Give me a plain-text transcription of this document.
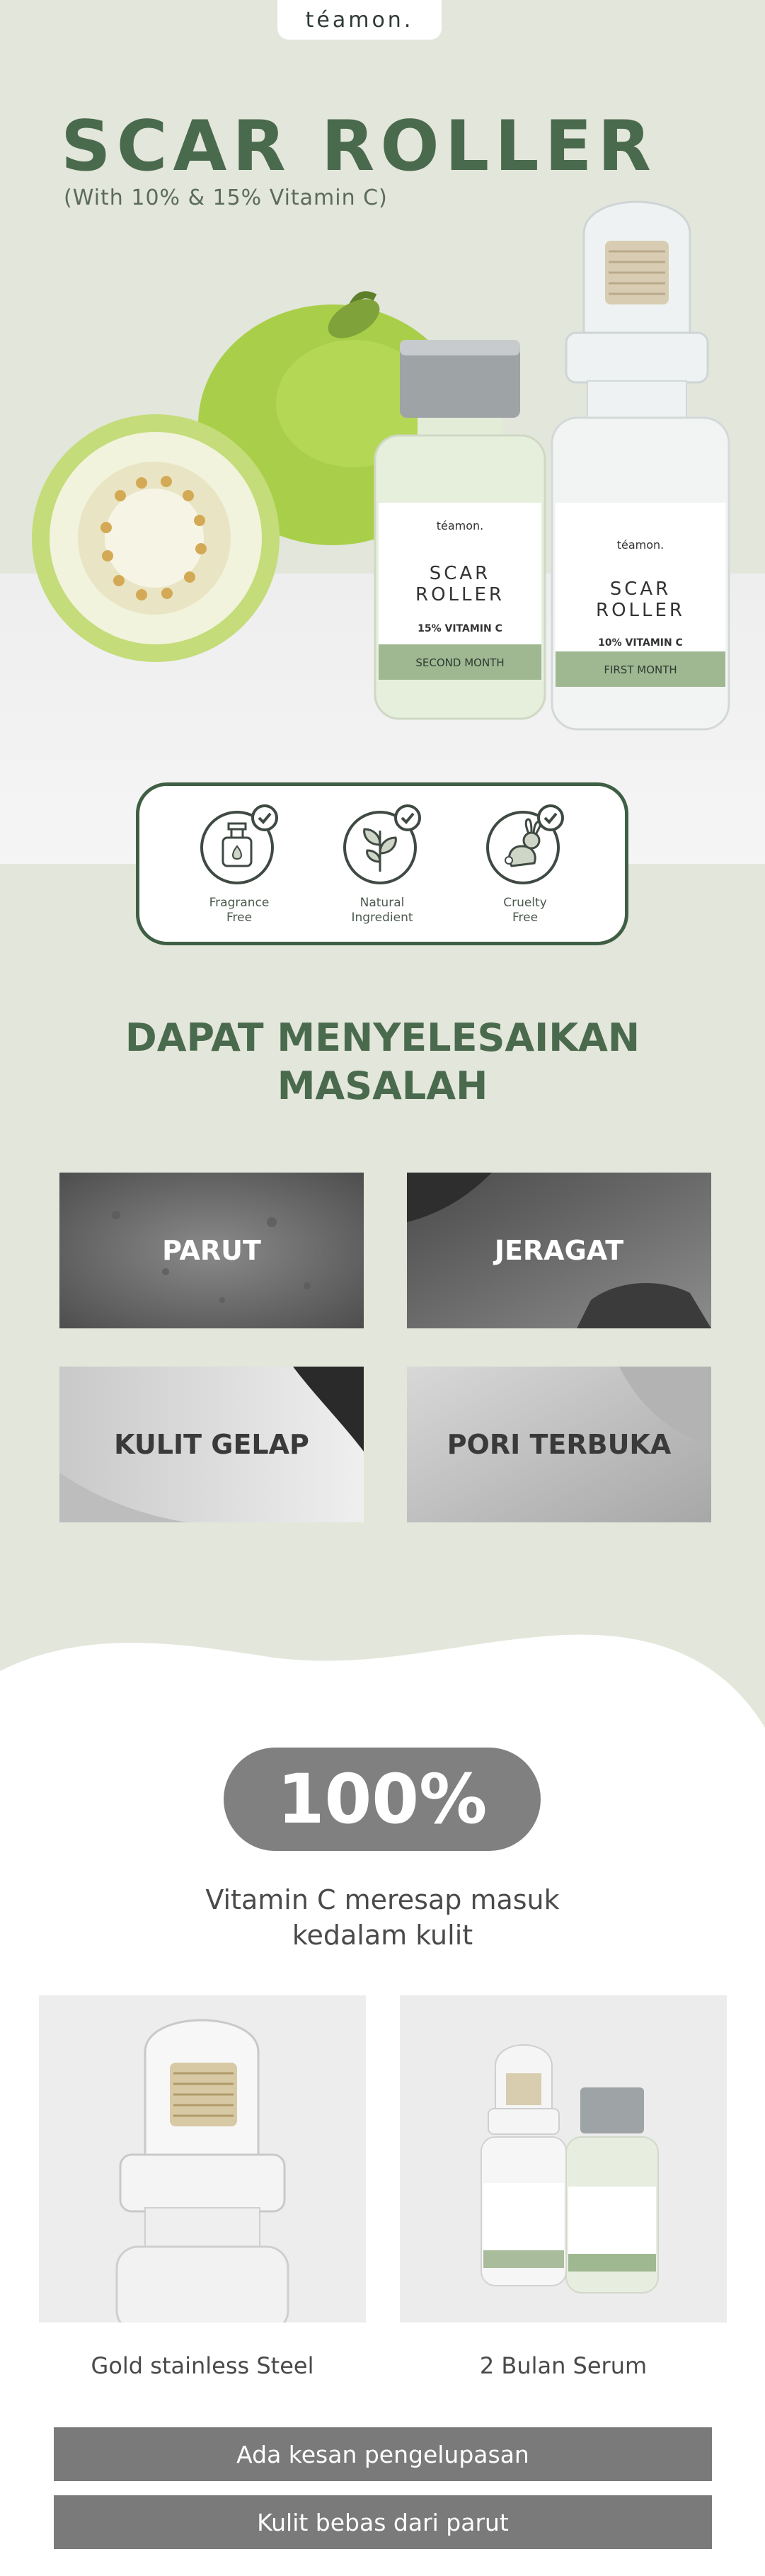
téamon.
SCAR ROLLER
(With 10% & 15% Vitamin C)
téamon.
SCAR
ROLLER
15% VITAMIN C
SECOND MONTH
téamon.
SCAR
ROLLER
10% VITAMIN C
FIRST MONTH
Fragrance
Free
Natural
Ingredient
Cruelty
Free
DAPAT MENYELESAIKAN
MASALAH
PARUT	JERAGAT
KULIT GELAP	PORI TERBUKA
100%
Vitamin C meresap masuk
kedalam kulit
Gold stainless Steel	2 Bulan Serum
Ada kesan pengelupasan
Kulit bebas dari parut
